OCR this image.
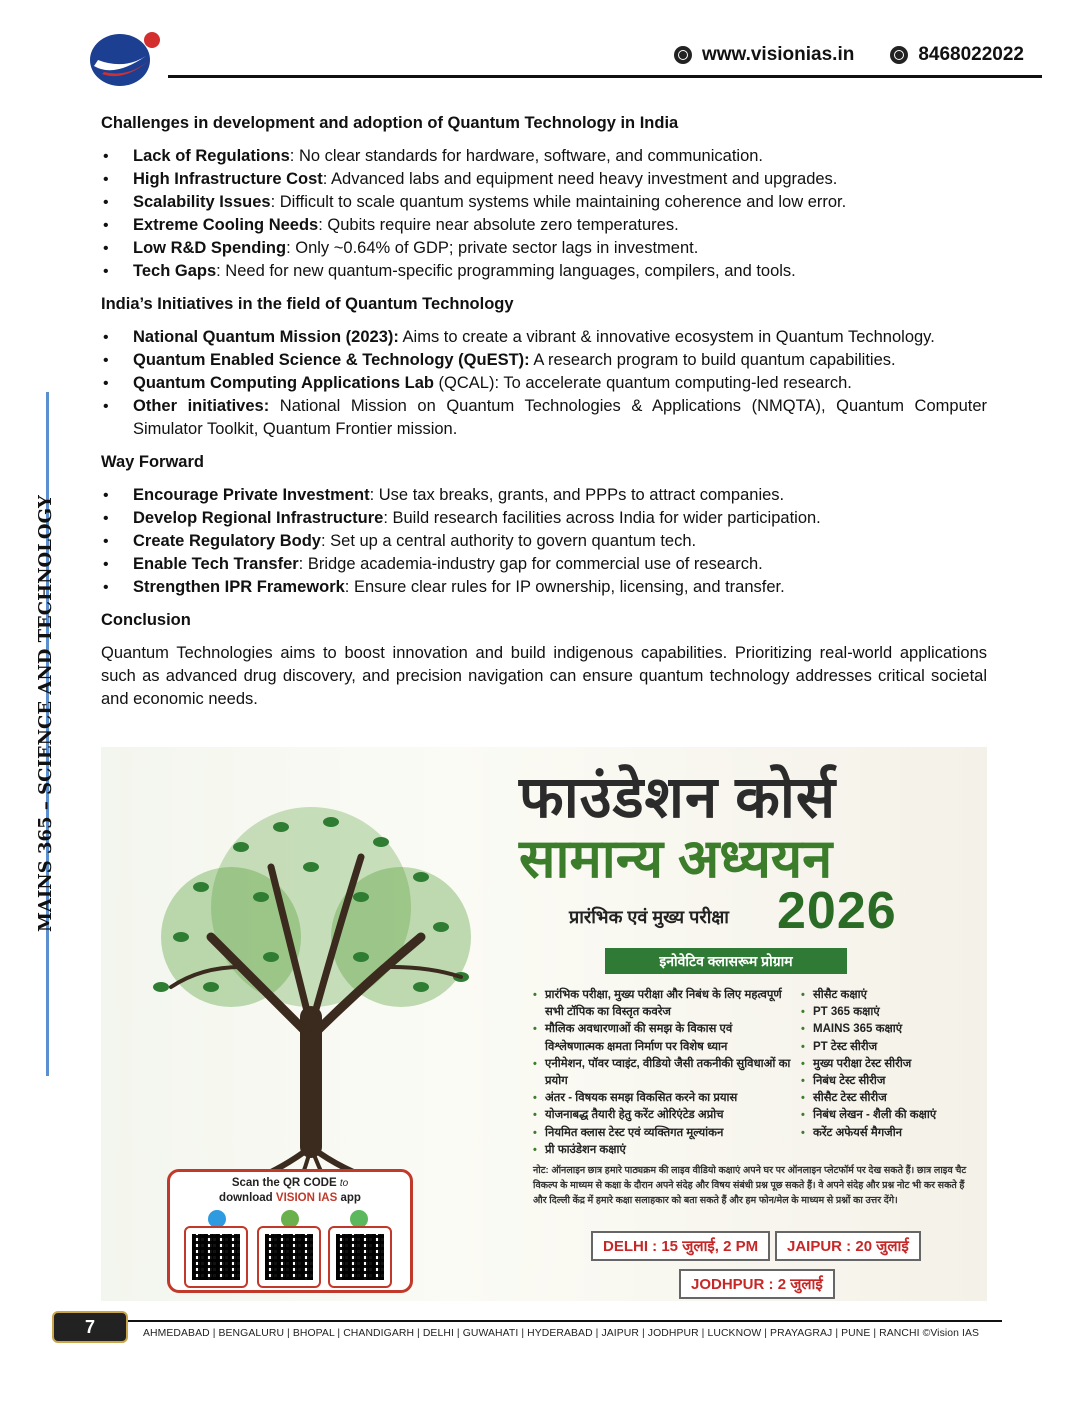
www.visionias.in	8468022022
MAINS 365 – SCIENCE AND TECHNOLOGY
Challenges in development and adoption of Quantum Technology in India
• Lack of Regulations: No clear standards for hardware, software, and communication.
• High Infrastructure Cost: Advanced labs and equipment need heavy investment and upgrades.
• Scalability Issues: Difficult to scale quantum systems while maintaining coherence and low error.
• Extreme Cooling Needs: Qubits require near absolute zero temperatures.
• Low R&D Spending: Only ~0.64% of GDP; private sector lags in investment.
• Tech Gaps: Need for new quantum-specific programming languages, compilers, and tools.
India’s Initiatives in the field of Quantum Technology
• National Quantum Mission (2023): Aims to create a vibrant & innovative ecosystem in Quantum Technology.
• Quantum Enabled Science & Technology (QuEST): A research program to build quantum capabilities.
• Quantum Computing Applications Lab (QCAL): To accelerate quantum computing-led research.
• Other initiatives: National Mission on Quantum Technologies & Applications (NMQTA), Quantum Computer Simulator Toolkit, Quantum Frontier mission.
Way Forward
• Encourage Private Investment: Use tax breaks, grants, and PPPs to attract companies.
• Develop Regional Infrastructure: Build research facilities across India for wider participation.
• Create Regulatory Body: Set up a central authority to govern quantum tech.
• Enable Tech Transfer: Bridge academia-industry gap for commercial use of research.
• Strengthen IPR Framework: Ensure clear rules for IP ownership, licensing, and transfer.
Conclusion

Quantum Technologies aims to boost innovation and build indigenous capabilities. Prioritizing real-world applications such as advanced drug discovery, and precision navigation can ensure quantum technology addresses critical societal and economic needs.

फाउंडेशन कोर्स
सामान्य अध्ययन
प्रारंभिक एवं मुख्य परीक्षा 2026
इनोवेटिव क्लासरूम प्रोग्राम
• प्रारंभिक परीक्षा, मुख्य परीक्षा और निबंध के लिए महत्वपूर्ण सभी टॉपिक का विस्तृत कवरेज
• मौलिक अवधारणाओं की समझ के विकास एवं विश्लेषणात्मक क्षमता निर्माण पर विशेष ध्यान
• एनीमेशन, पॉवर प्वाइंट, वीडियो जैसी तकनीकी सुविधाओं का प्रयोग
• अंतर - विषयक समझ विकसित करने का प्रयास
• योजनाबद्ध तैयारी हेतु करेंट ओरिएंटेड अप्रोच
• नियमित क्लास टेस्ट एवं व्यक्तिगत मूल्यांकन
• प्री फाउंडेशन कक्षाएं
• सीसैट कक्षाएं
• PT 365 कक्षाएं
• MAINS 365 कक्षाएं
• PT टेस्ट सीरीज
• मुख्य परीक्षा टेस्ट सीरीज
• निबंध टेस्ट सीरीज
• सीसैट टेस्ट सीरीज
• निबंध लेखन - शैली की कक्षाएं
• करेंट अफेयर्स मैगजीन
नोट: ऑनलाइन छात्र हमारे पाठ्यक्रम की लाइव वीडियो कक्षाएं अपने घर पर ऑनलाइन प्लेटफॉर्म पर देख सकते हैं। छात्र लाइव चैट विकल्प के माध्यम से कक्षा के दौरान अपने संदेह और विषय संबंधी प्रश्न पूछ सकते हैं। वे अपने संदेह और प्रश्न नोट भी कर सकते हैं और दिल्ली केंद्र में हमारे कक्षा सलाहकार को बता सकते हैं और हम फोन/मेल के माध्यम से प्रश्नों का उत्तर देंगे।
DELHI : 15 जुलाई, 2 PM	JAIPUR : 20 जुलाई
JODHPUR : 2 जुलाई
Scan the QR CODE to
download VISION IAS app
7	AHMEDABAD | BENGALURU | BHOPAL | CHANDIGARH | DELHI | GUWAHATI | HYDERABAD | JAIPUR | JODHPUR | LUCKNOW | PRAYAGRAJ | PUNE | RANCHI ©Vision IAS
